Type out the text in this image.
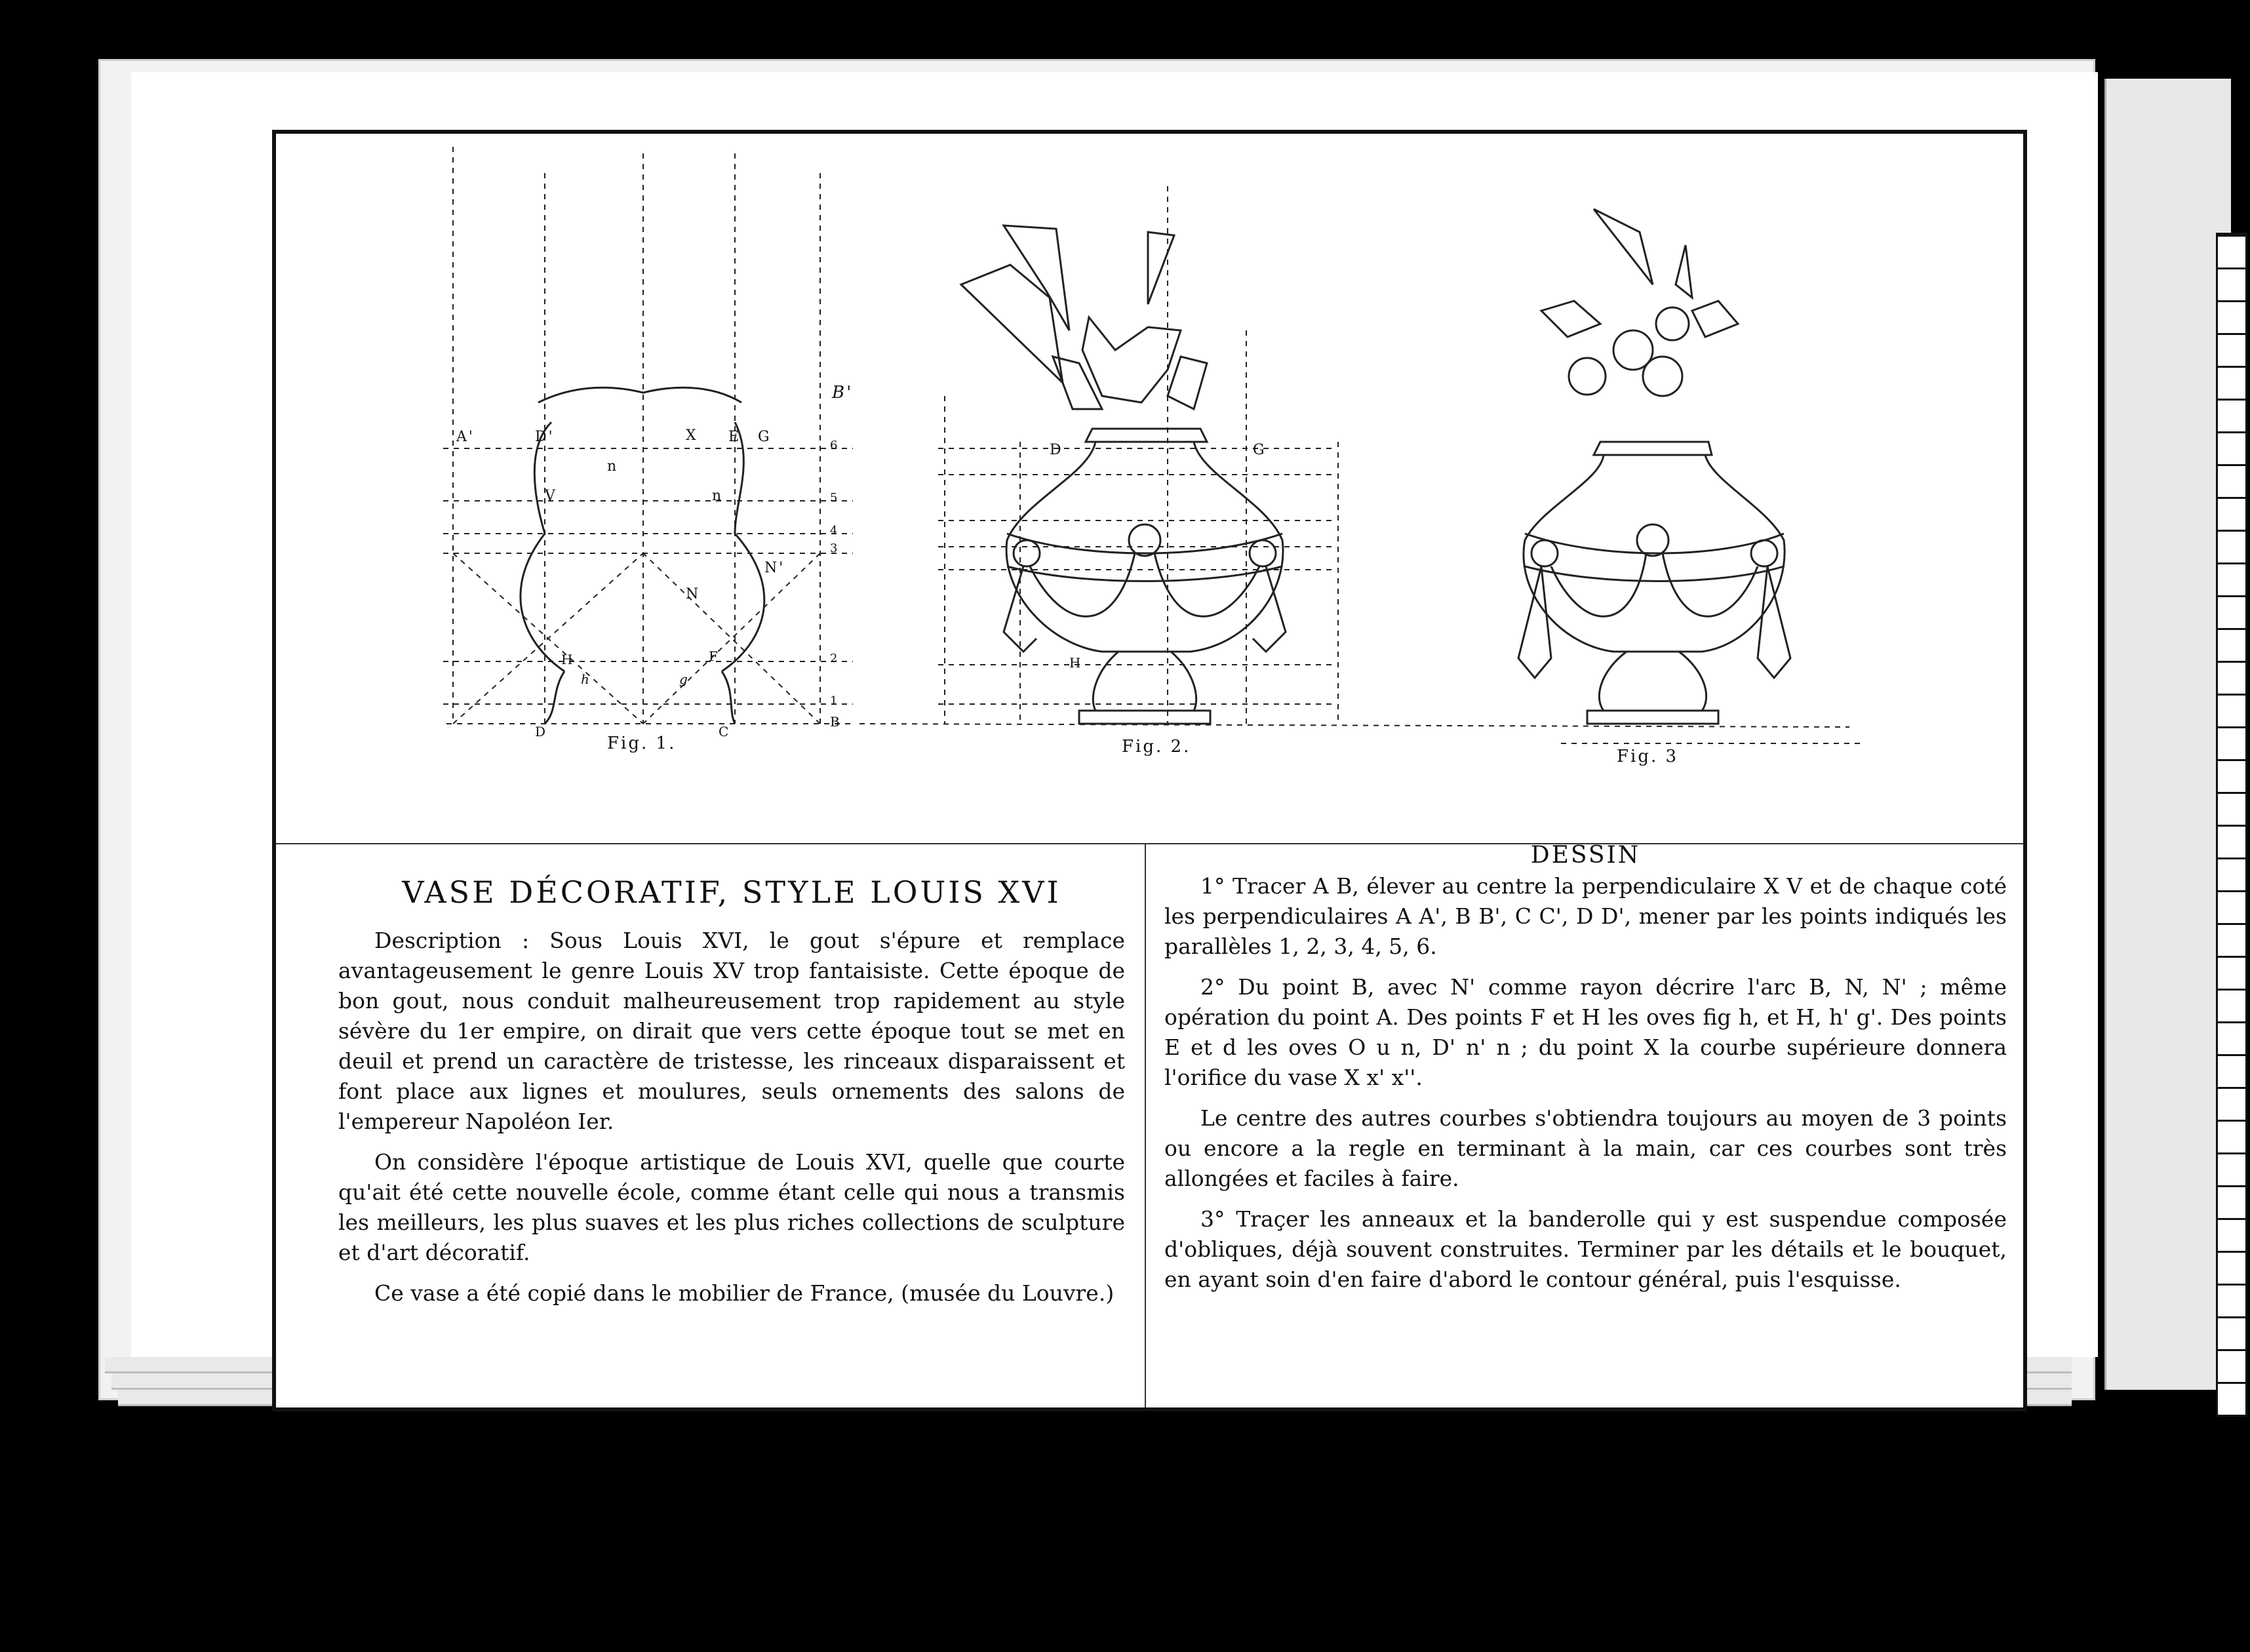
A'	D'	X E G
B'
n
V	n
N'
N
H	F
D	C
B
h	g
6
5
4
3
2
1
D	G
H
Fig. 1.	Fig. 2.	Fig. 3
VASE DÉCORATIF, STYLE LOUIS XVI

Description : Sous Louis XVI, le gout s'épure et remplace avantageusement le genre Louis XV trop fantaisiste. Cette époque de bon gout, nous conduit malheureusement trop rapidement au style sévère du 1er empire, on dirait que vers cette époque tout se met en deuil et prend un caractère de tristesse, les rinceaux disparaissent et font place aux lignes et moulures, seuls ornements des salons de l'empereur Napoléon Ier.

On considère l'époque artistique de Louis XVI, quelle que courte qu'ait été cette nouvelle école, comme étant celle qui nous a transmis les meilleurs, les plus suaves et les plus riches collections de sculpture et d'art décoratif.

Ce vase a été copié dans le mobilier de France, (musée du Louvre.)

DESSIN

1° Tracer A B, élever au centre la perpendiculaire X V et de chaque coté les perpendiculaires A A', B B', C C', D D', mener par les points indiqués les parallèles 1, 2, 3, 4, 5, 6.

2° Du point B, avec N' comme rayon décrire l'arc B, N, N' ; même opération du point A. Des points F et H les oves fig h, et H, h' g'. Des points E et d les oves O u n, D' n' n ; du point X la courbe supérieure donnera l'orifice du vase X x' x''.

Le centre des autres courbes s'obtiendra toujours au moyen de 3 points ou encore a la regle en terminant à la main, car ces courbes sont très allongées et faciles à faire.

3° Traçer les anneaux et la banderolle qui y est suspendue composée d'obliques, déjà souvent construites. Terminer par les détails et le bouquet, en ayant soin d'en faire d'abord le contour général, puis l'esquisse.
